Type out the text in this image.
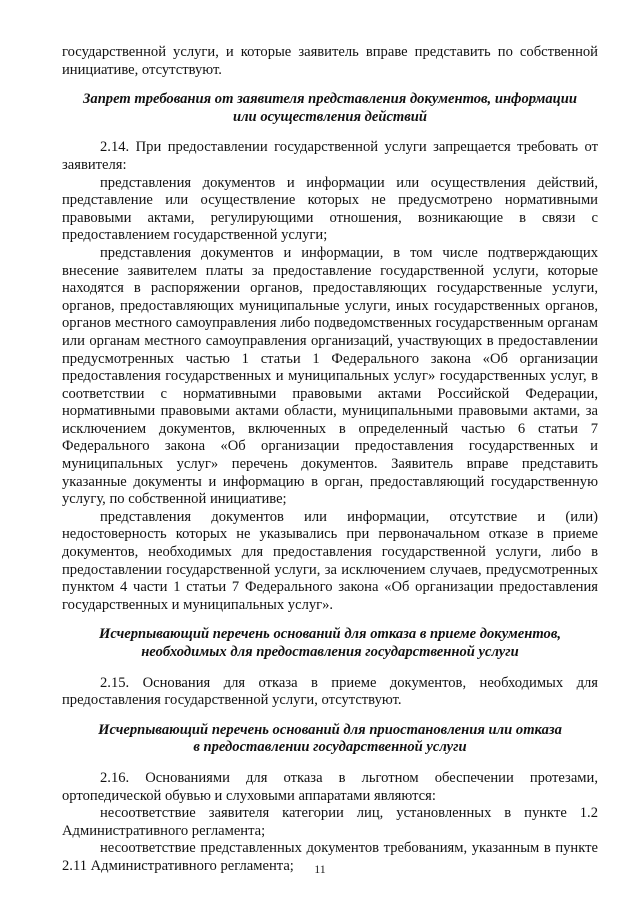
государственной услуги, и которые заявитель вправе представить по собственной инициативе, отсутствуют.

Запрет требования от заявителя представления документов, информации
или осуществления действий

2.14. При предоставлении государственной услуги запрещается требовать от заявителя:

представления документов и информации или осуществления действий, представление или осуществление которых не предусмотрено нормативными правовыми актами, регулирующими отношения, возникающие в связи с предоставлением государственной услуги;

представления документов и информации, в том числе подтверждающих внесение заявителем платы за предоставление государственной услуги, которые находятся в распоряжении органов, предоставляющих государственные услуги, органов, предоставляющих муниципальные услуги, иных государственных органов, органов местного самоуправления либо подведомственных государственным органам или органам местного самоуправления организаций, участвующих в предоставлении предусмотренных частью 1 статьи 1 Федерального закона «Об организации предоставления государственных и муниципальных услуг» государственных услуг, в соответствии с нормативными правовыми актами Российской Федерации, нормативными правовыми актами области, муниципальными правовыми актами, за исключением документов, включенных в определенный частью 6 статьи 7 Федерального закона «Об организации предоставления государственных и муниципальных услуг» перечень документов. Заявитель вправе представить указанные документы и информацию в орган, предоставляющий государственную услугу, по собственной инициативе;

представления документов или информации, отсутствие и (или) недостоверность которых не указывались при первоначальном отказе в приеме документов, необходимых для предоставления государственной услуги, либо в предоставлении государственной услуги, за исключением случаев, предусмотренных пунктом 4 части 1 статьи 7 Федерального закона «Об организации предоставления государственных и муниципальных услуг».

Исчерпывающий перечень оснований для отказа в приеме документов,
необходимых для предоставления государственной услуги

2.15. Основания для отказа в приеме документов, необходимых для предоставления государственной услуги, отсутствуют.

Исчерпывающий перечень оснований для приостановления или отказа
в предоставлении государственной услуги

2.16. Основаниями для отказа в льготном обеспечении протезами, ортопедической обувью и слуховыми аппаратами являются:

несоответствие заявителя категории лиц, установленных в пункте 1.2 Административного регламента;

несоответствие представленных документов требованиям, указанным в пункте 2.11 Административного регламента;	11
